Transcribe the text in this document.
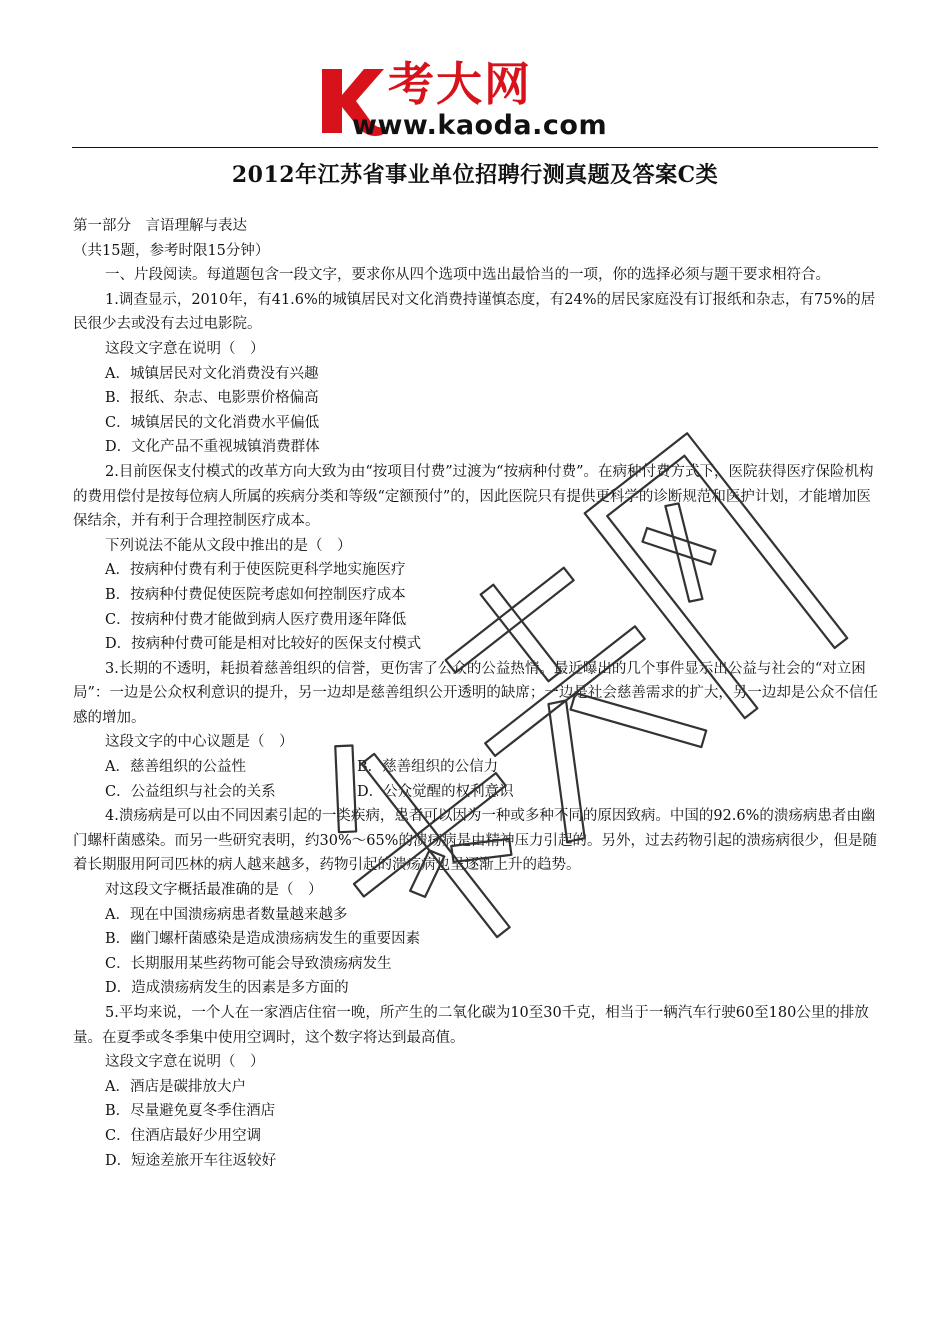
考大网
www.kaoda.com
2012年江苏省事业单位招聘行测真题及答案C类

第一部分　言语理解与表达

（共15题，参考时限15分钟）

一、片段阅读。每道题包含一段文字，要求你从四个选项中选出最恰当的一项，你的选择必须与题干要求相符合。

1.调查显示，2010年，有41.6%的城镇居民对文化消费持谨慎态度，有24%的居民家庭没有订报纸和杂志，有75%的居民很少去或没有去过电影院。

这段文字意在说明（　）

A．城镇居民对文化消费没有兴趣

B．报纸、杂志、电影票价格偏高

C．城镇居民的文化消费水平偏低

D．文化产品不重视城镇消费群体

2.目前医保支付模式的改革方向大致为由“按项目付费”过渡为“按病种付费”。在病种付费方式下，医院获得医疗保险机构的费用偿付是按每位病人所属的疾病分类和等级“定额预付”的，因此医院只有提供更科学的诊断规范和医护计划，才能增加医保结余，并有利于合理控制医疗成本。

下列说法不能从文段中推出的是（　）

A．按病种付费有利于使医院更科学地实施医疗

B．按病种付费促使医院考虑如何控制医疗成本

C．按病种付费才能做到病人医疗费用逐年降低

D．按病种付费可能是相对比较好的医保支付模式

3.长期的不透明，耗损着慈善组织的信誉，更伤害了公众的公益热情。最近曝出的几个事件显示出公益与社会的“对立困局”：一边是公众权利意识的提升，另一边却是慈善组织公开透明的缺席；一边是社会慈善需求的扩大，另一边却是公众不信任感的增加。

这段文字的中心议题是（　）

A．慈善组织的公益性	B．慈善组织的公信力
C．公益组织与社会的关系	D．公众觉醒的权利意识

4.溃疡病是可以由不同因素引起的一类疾病，患者可以因为一种或多种不同的原因致病。中国的92.6%的溃疡病患者由幽门螺杆菌感染。而另一些研究表明，约30%～65%的溃疡病是由精神压力引起的。另外，过去药物引起的溃疡病很少，但是随着长期服用阿司匹林的病人越来越多，药物引起的溃疡病也呈逐渐上升的趋势。

对这段文字概括最准确的是（　）

A．现在中国溃疡病患者数量越来越多

B．幽门螺杆菌感染是造成溃疡病发生的重要因素

C．长期服用某些药物可能会导致溃疡病发生

D．造成溃疡病发生的因素是多方面的

5.平均来说，一个人在一家酒店住宿一晚，所产生的二氧化碳为10至30千克，相当于一辆汽车行驶60至180公里的排放量。在夏季或冬季集中使用空调时，这个数字将达到最高值。

这段文字意在说明（　）

A．酒店是碳排放大户

B．尽量避免夏冬季住酒店

C．住酒店最好少用空调

D．短途差旅开车往返较好
